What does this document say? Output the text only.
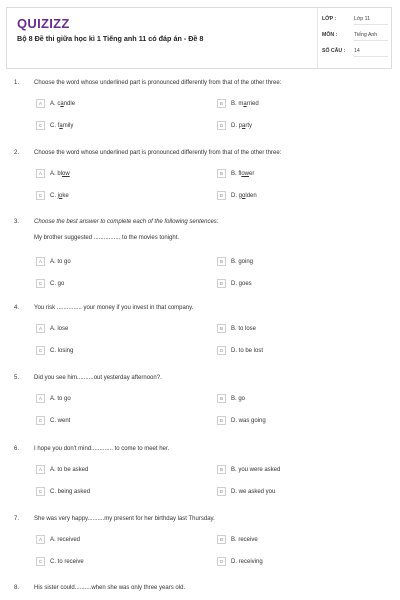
QUIZIZZ
Bộ 8 Đề thi giữa học kì 1 Tiếng anh 11 có đáp án - Đề 8
LỚP :	Lớp 11
MÔN :	Tiếng Anh
SỐ CÂU : 14
1. Choose the word whose underlined part is pronounced differently from that of the other three:
A	A. candle	B	B. married
C	C. family	D	D. party
2. Choose the word whose underlined part is pronounced differently from that of the other three:
A	A. blow	B	B. flower
C	C. joke	D	D. golden
3. Choose the best answer to complete each of the following sentences:
My brother suggested ................ to the movies tonight.
A	A. to go	B	B. going
C	C. go	D	D. goes
4. You risk ............... your money if you invest in that company.
A	A. lose	B	B. to lose
C	C. losing	D	D. to be lost
5. Did you see him..........out yesterday afternoon?.
A	A. to go	B	B. go
C	C. went	D	D. was going
6. I hope you don't mind............. to come to meet her.
A	A. to be asked	B	B. you were asked
C	C. being asked	D	D. we asked you
7. She was very happy..........my present for her birthday last Thursday.
A	A. received	B	B. receive
C	C. to receive	D	D. receiving
8. His sister could..........when she was only three years old.
